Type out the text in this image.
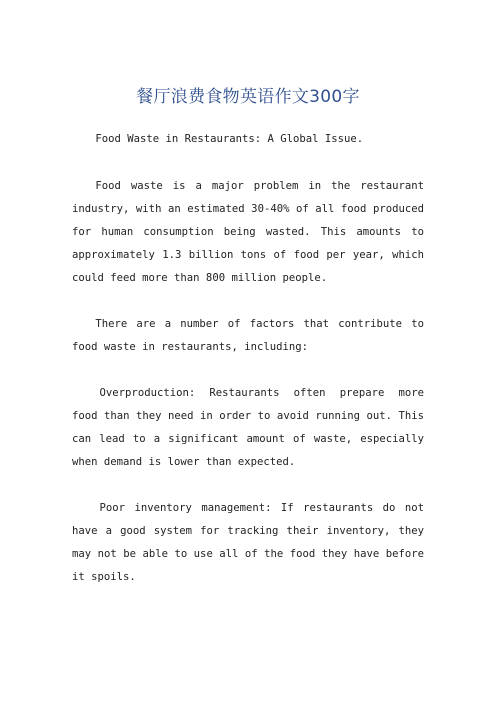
餐厅浪费食物英语作文300字

Food Waste in Restaurants: A Global Issue.

Food waste is a major problem in the restaurant industry, with an estimated 30-40% of all food produced for human consumption being wasted. This amounts to approximately 1.3 billion tons of food per year, which could feed more than 800 million people.

There are a number of factors that contribute to food waste in restaurants, including:

Overproduction: Restaurants often prepare more food than they need in order to avoid running out. This can lead to a significant amount of waste, especially when demand is lower than expected.

Poor inventory management: If restaurants do not have a good system for tracking their inventory, they may not be able to use all of the food they have before it spoils.
